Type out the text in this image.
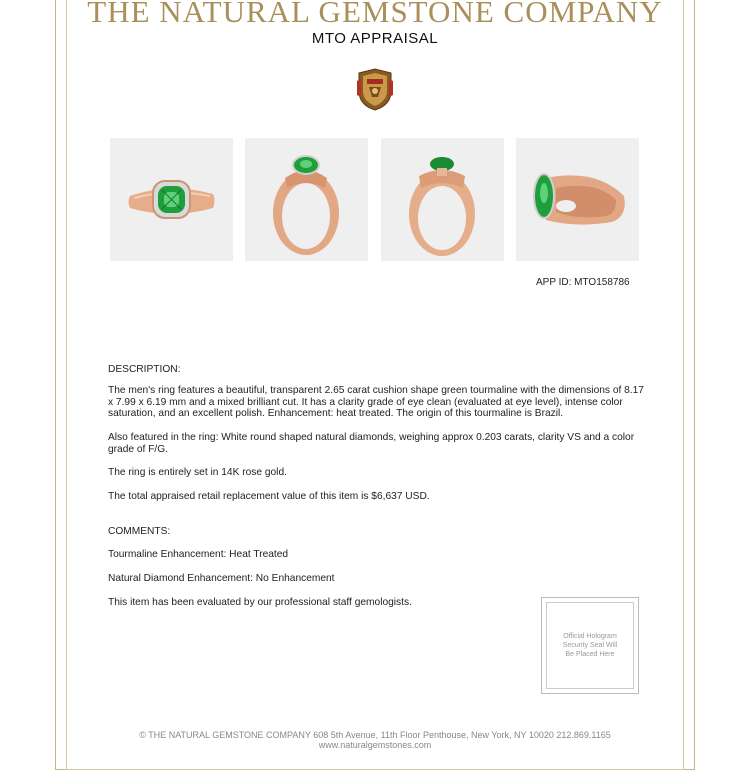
THE NATURAL GEMSTONE COMPANY
MTO APPRAISAL
APP ID: MTO158786
DESCRIPTION:
The men's ring features a beautiful, transparent 2.65 carat cushion shape green tourmaline with the dimensions of 8.17 x 7.99 x 6.19 mm and a mixed brilliant cut. It has a clarity grade of eye clean (evaluated at eye level), intense color saturation, and an excellent polish. Enhancement: heat treated. The origin of this tourmaline is Brazil.
Also featured in the ring: White round shaped natural diamonds, weighing approx 0.203 carats, clarity VS and a color grade of F/G.
The ring is entirely set in 14K rose gold.
The total appraised retail replacement value of this item is $6,637 USD.
COMMENTS:
Tourmaline Enhancement: Heat Treated
Natural Diamond Enhancement: No Enhancement
This item has been evaluated by our professional staff gemologists.
Official Hologram
Security Seal Will
Be Placed Here
© THE NATURAL GEMSTONE COMPANY 608 5th Avenue, 11th Floor Penthouse, New York, NY 10020 212.869.1165
www.naturalgemstones.com
